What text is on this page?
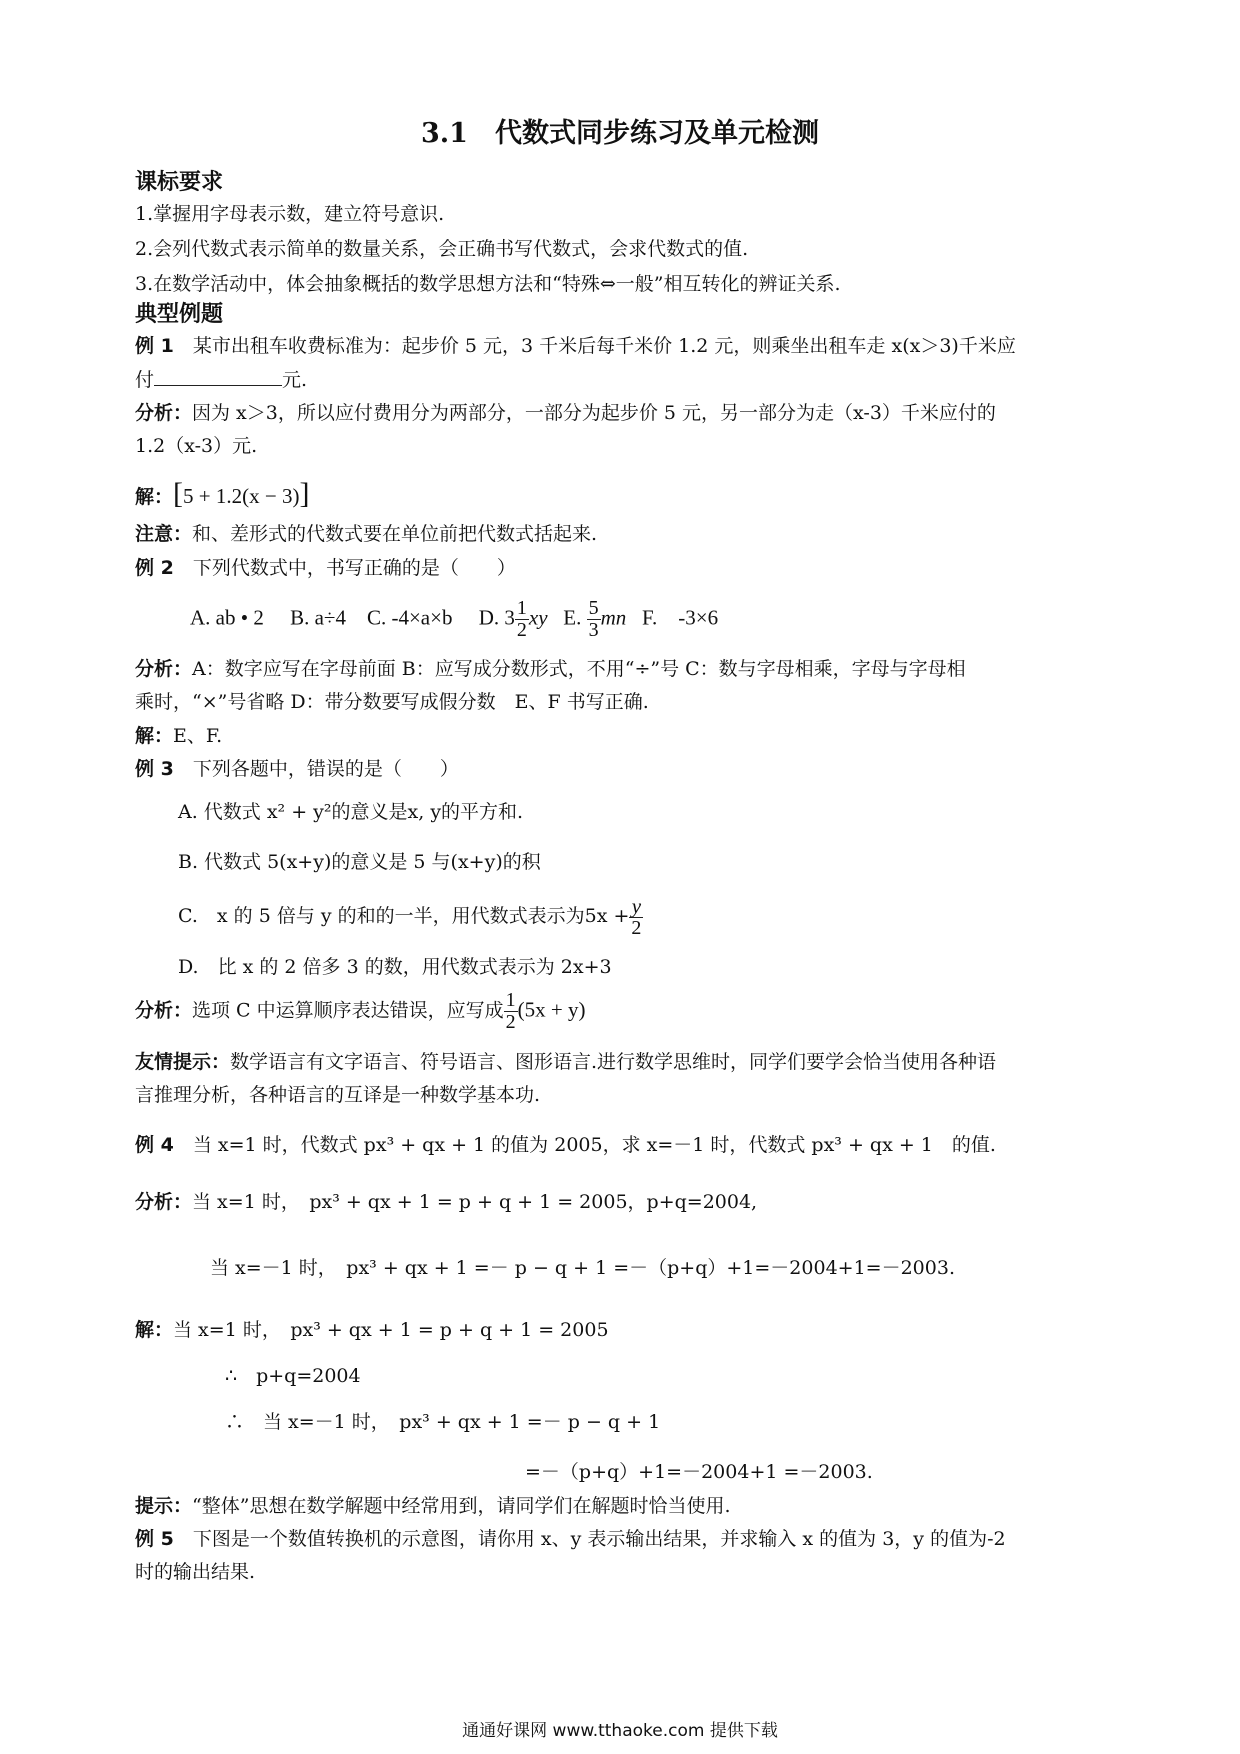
3.1　代数式同步练习及单元检测
课标要求
1.掌握用字母表示数，建立符号意识.
2.会列代数式表示简单的数量关系，会正确书写代数式，会求代数式的值.
3.在数学活动中，体会抽象概括的数学思想方法和“特殊⇔一般”相互转化的辨证关系.
典型例题
例 1　某市出租车收费标准为：起步价 5 元，3 千米后每千米价 1.2 元，则乘坐出租车走 x(x＞3)千米应
付	元.
分析：因为 x＞3，所以应付费用分为两部分，一部分为起步价 5 元，另一部分为走（x-3）千米应付的
1.2（x-3）元.
解：[5 + 1.2(x − 3)]
注意：和、差形式的代数式要在单位前把代数式括起来.
例 2　下列代数式中，书写正确的是（　　）
A. ab • 2　 B. a÷4　C. -4×a×b　 D. $3 \frac{1}{2}$ xy E. $\frac{5}{3}$ mn F.　-3×6
分析：A：数字应写在字母前面 B：应写成分数形式，不用“÷”号 C：数与字母相乘，字母与字母相
乘时，“×”号省略 D：带分数要写成假分数　E、F 书写正确.
解：E、F.
例 3　下列各题中，错误的是（　　）
A. 代数式 x² + y²的意义是x, y的平方和.
B. 代数式 5(x+y)的意义是 5 与(x+y)的积
C.　x 的 5 倍与 y 的和的一半，用代数式表示为$5x + \frac{y}{2}$
D.　比 x 的 2 倍多 3 的数，用代数式表示为 2x+3
分析：选项 C 中运算顺序表达错误，应写成 $\frac{1}{2} (5x + y)$
友情提示：数学语言有文字语言、符号语言、图形语言.进行数学思维时，同学们要学会恰当使用各种语
言推理分析，各种语言的互译是一种数学基本功.
例 4　当 x=1 时，代数式 px³ + qx + 1 的值为 2005，求 x=－1 时，代数式 px³ + qx + 1　的值.
分析：当 x=1 时，　px³ + qx + 1 = p + q + 1 = 2005，p+q=2004,
当 x=－1 时，　px³ + qx + 1 =－ p − q + 1 =－（p+q）+1=－2004+1=－2003.
解：当 x=1 时，　px³ + qx + 1 = p + q + 1 = 2005
∴　p+q=2004
∴　当 x=－1 时，　px³ + qx + 1 =－ p − q + 1
=－（p+q）+1=－2004+1 =－2003.
提示：“整体”思想在数学解题中经常用到，请同学们在解题时恰当使用.
例 5　下图是一个数值转换机的示意图，请你用 x、y 表示输出结果，并求输入 x 的值为 3，y 的值为-2
时的输出结果.
通通好课网 www.tthaoke.com 提供下载
